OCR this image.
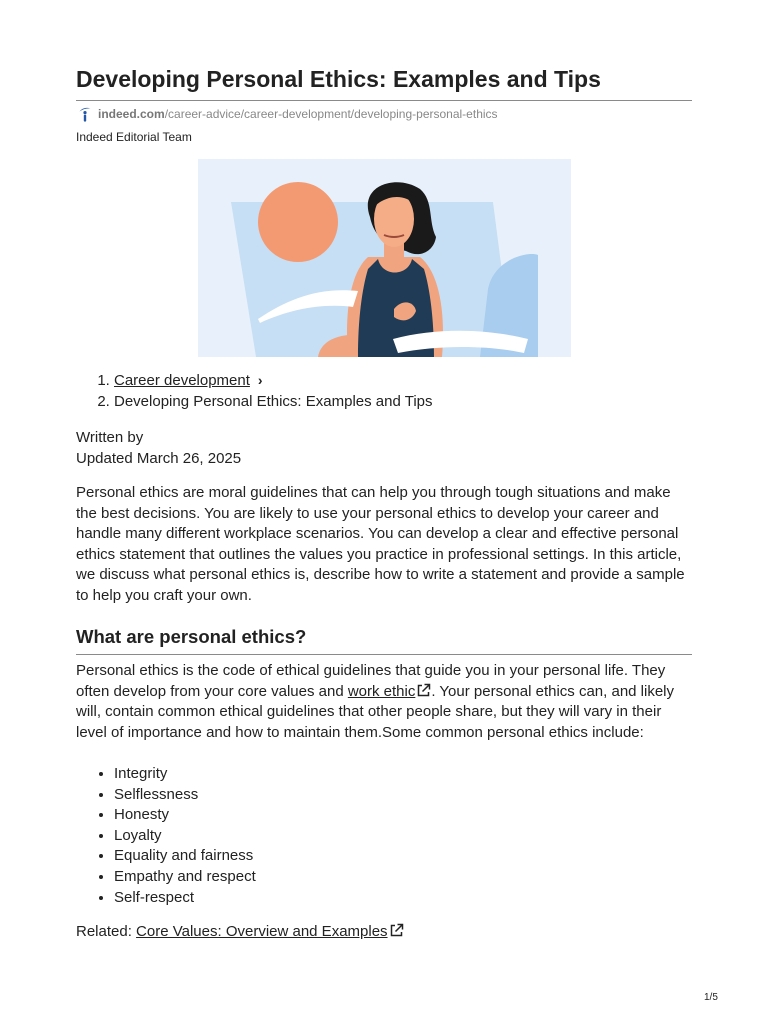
Developing Personal Ethics: Examples and Tips
indeed.com /career-advice/career-development/developing-personal-ethics
Indeed Editorial Team
1. Career development ›
2. Developing Personal Ethics: Examples and Tips
Written by
Updated March 26, 2025

Personal ethics are moral guidelines that can help you through tough situations and make the best decisions. You are likely to use your personal ethics to develop your career and handle many different workplace scenarios. You can develop a clear and effective personal ethics statement that outlines the values you practice in professional settings. In this article, we discuss what personal ethics is, describe how to write a statement and provide a sample to help you craft your own.

What are personal ethics?

Personal ethics is the code of ethical guidelines that guide you in your personal life. They often develop from your core values and work ethic . Your personal ethics can, and likely will, contain common ethical guidelines that other people share, but they will vary in their level of importance and how to maintain them.Some common personal ethics include:

• Integrity
• Selflessness
• Honesty
• Loyalty
• Equality and fairness
• Empathy and respect
• Self-respect
Related: Core Values: Overview and Examples
1/5
